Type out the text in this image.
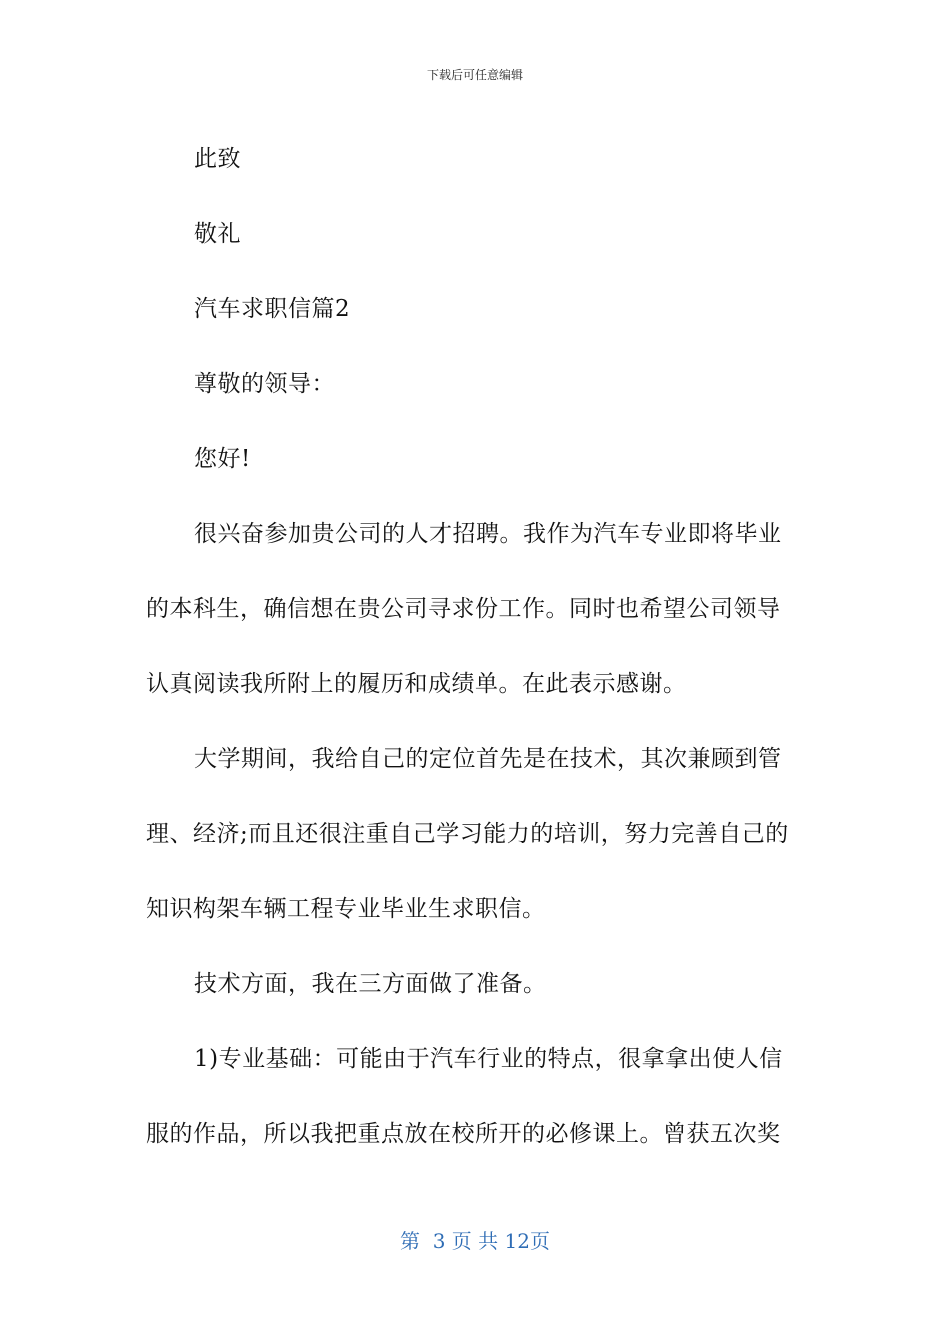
下载后可任意编辑

此致

敬礼

汽车求职信篇2

尊敬的领导：

您好!

很兴奋参加贵公司的人才招聘。我作为汽车专业即将毕业

的本科生，确信想在贵公司寻求份工作。同时也希望公司领导

认真阅读我所附上的履历和成绩单。在此表示感谢。

大学期间，我给自己的定位首先是在技术，其次兼顾到管

理、经济;而且还很注重自己学习能力的培训，努力完善自己的

知识构架车辆工程专业毕业生求职信。

技术方面，我在三方面做了准备。

1)专业基础：可能由于汽车行业的特点，很拿拿出使人信

服的作品，所以我把重点放在校所开的必修课上。曾获五次奖

第  3 页 共 12页
